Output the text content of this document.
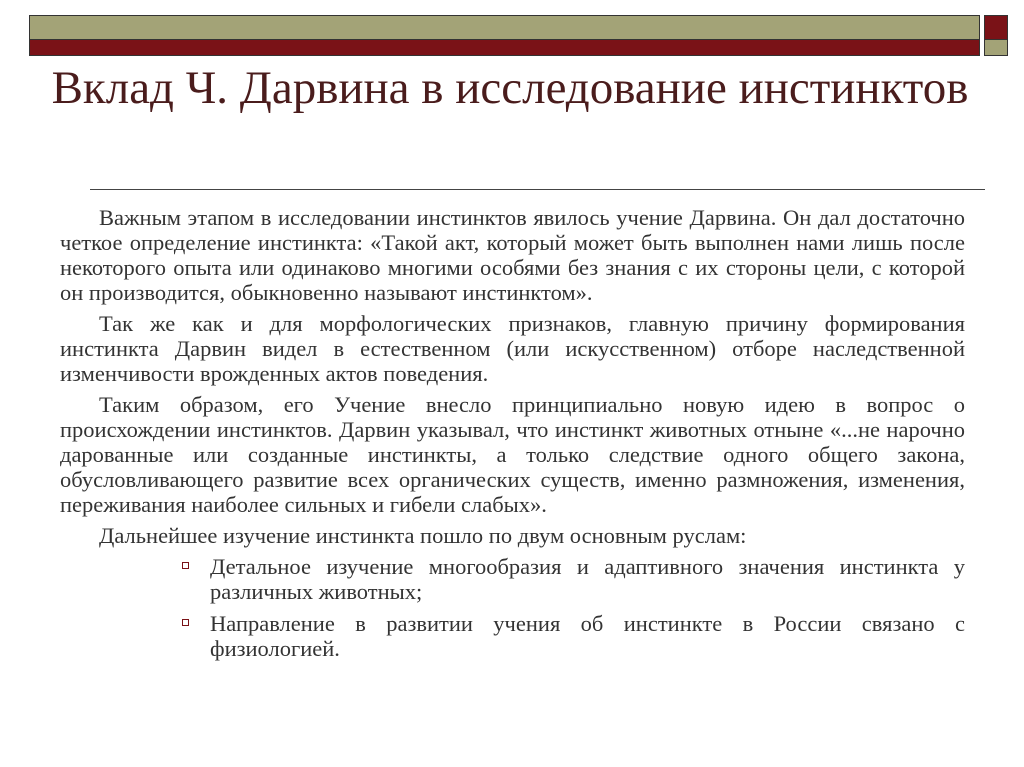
Вклад Ч. Дарвина в исследование инстинктов

Важным этапом в исследовании инстинктов явилось учение Дарвина. Он дал достаточно четкое определение инстинкта: «Такой акт, который может быть выполнен нами лишь после некоторого опыта или одинаково многими особями без знания с их стороны цели, с которой он производится, обыкновенно называют инстинктом».

Так же как и для морфологических признаков, главную причину формирования инстинкта Дарвин видел в естественном (или искусственном) отборе наследственной изменчивости врожденных актов поведения.

Таким образом, его Учение внесло принципиально новую идею в вопрос о происхождении инстинктов. Дарвин указывал, что инстинкт животных отныне «...не нарочно дарованные или созданные инстинкты, а только следствие одного общего закона, обусловливающего развитие всех органических существ, именно размножения, изменения, переживания наиболее сильных и гибели слабых».

Дальнейшее изучение инстинкта пошло по двум основным руслам:

Детальное изучение многообразия и адаптивного значения инстинкта у различных животных;
Направление в развитии учения об инстинкте в России связано с физиологией.
